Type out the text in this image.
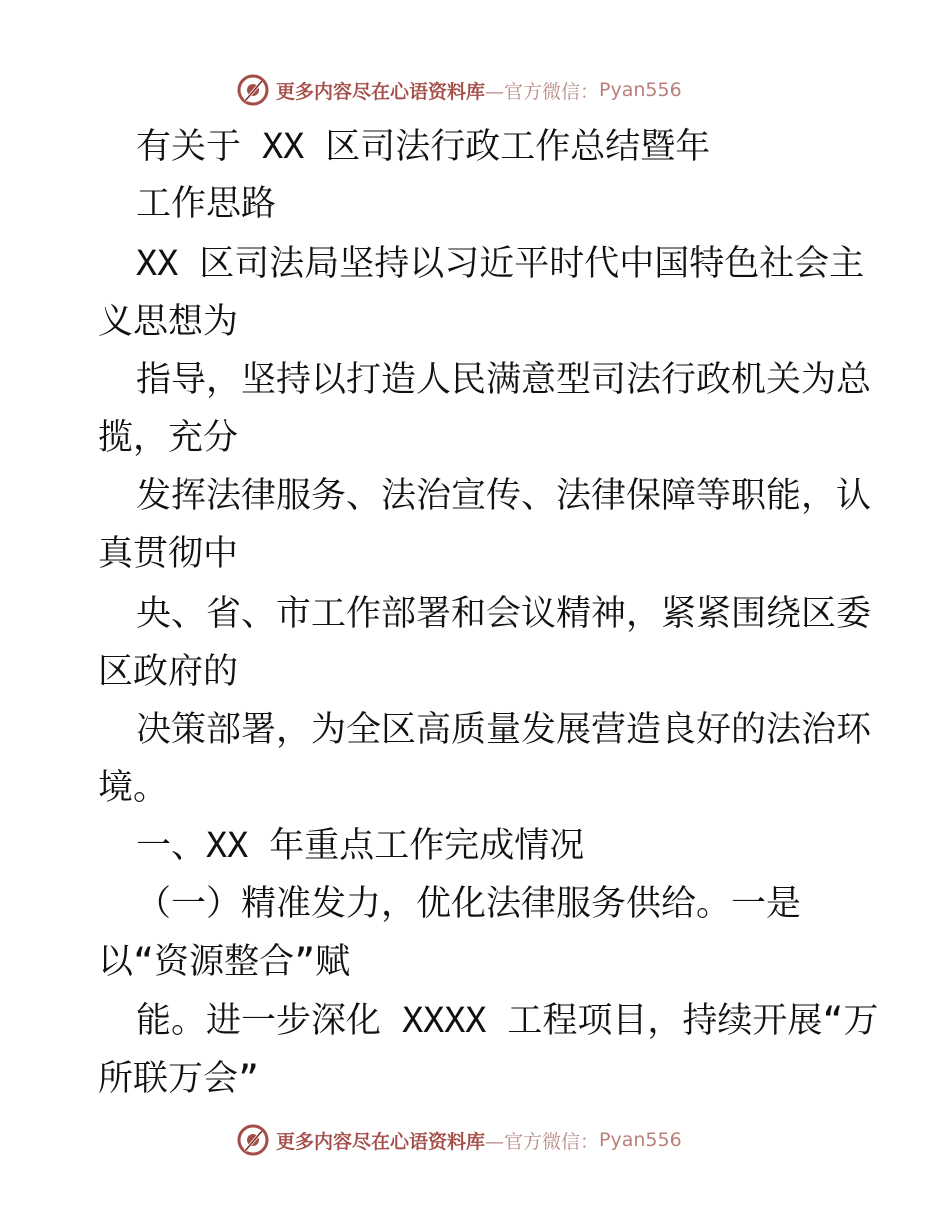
更多内容尽在心语资料库 —官方微信： Pyan556

有关于 XX 区司法行政工作总结暨年

工作思路

XX 区司法局坚持以习近平时代中国特色社会主

义思想为

指导，坚持以打造人民满意型司法行政机关为总

揽，充分

发挥法律服务、法治宣传、法律保障等职能，认

真贯彻中

央、省、市工作部署和会议精神，紧紧围绕区委

区政府的

决策部署，为全区高质量发展营造良好的法治环

境。

一、XX 年重点工作完成情况

（一）精准发力，优化法律服务供给。一是

以“资源整合”赋

能。进一步深化 XXXX 工程项目，持续开展“万

所联万会”

更多内容尽在心语资料库 —官方微信： Pyan556
